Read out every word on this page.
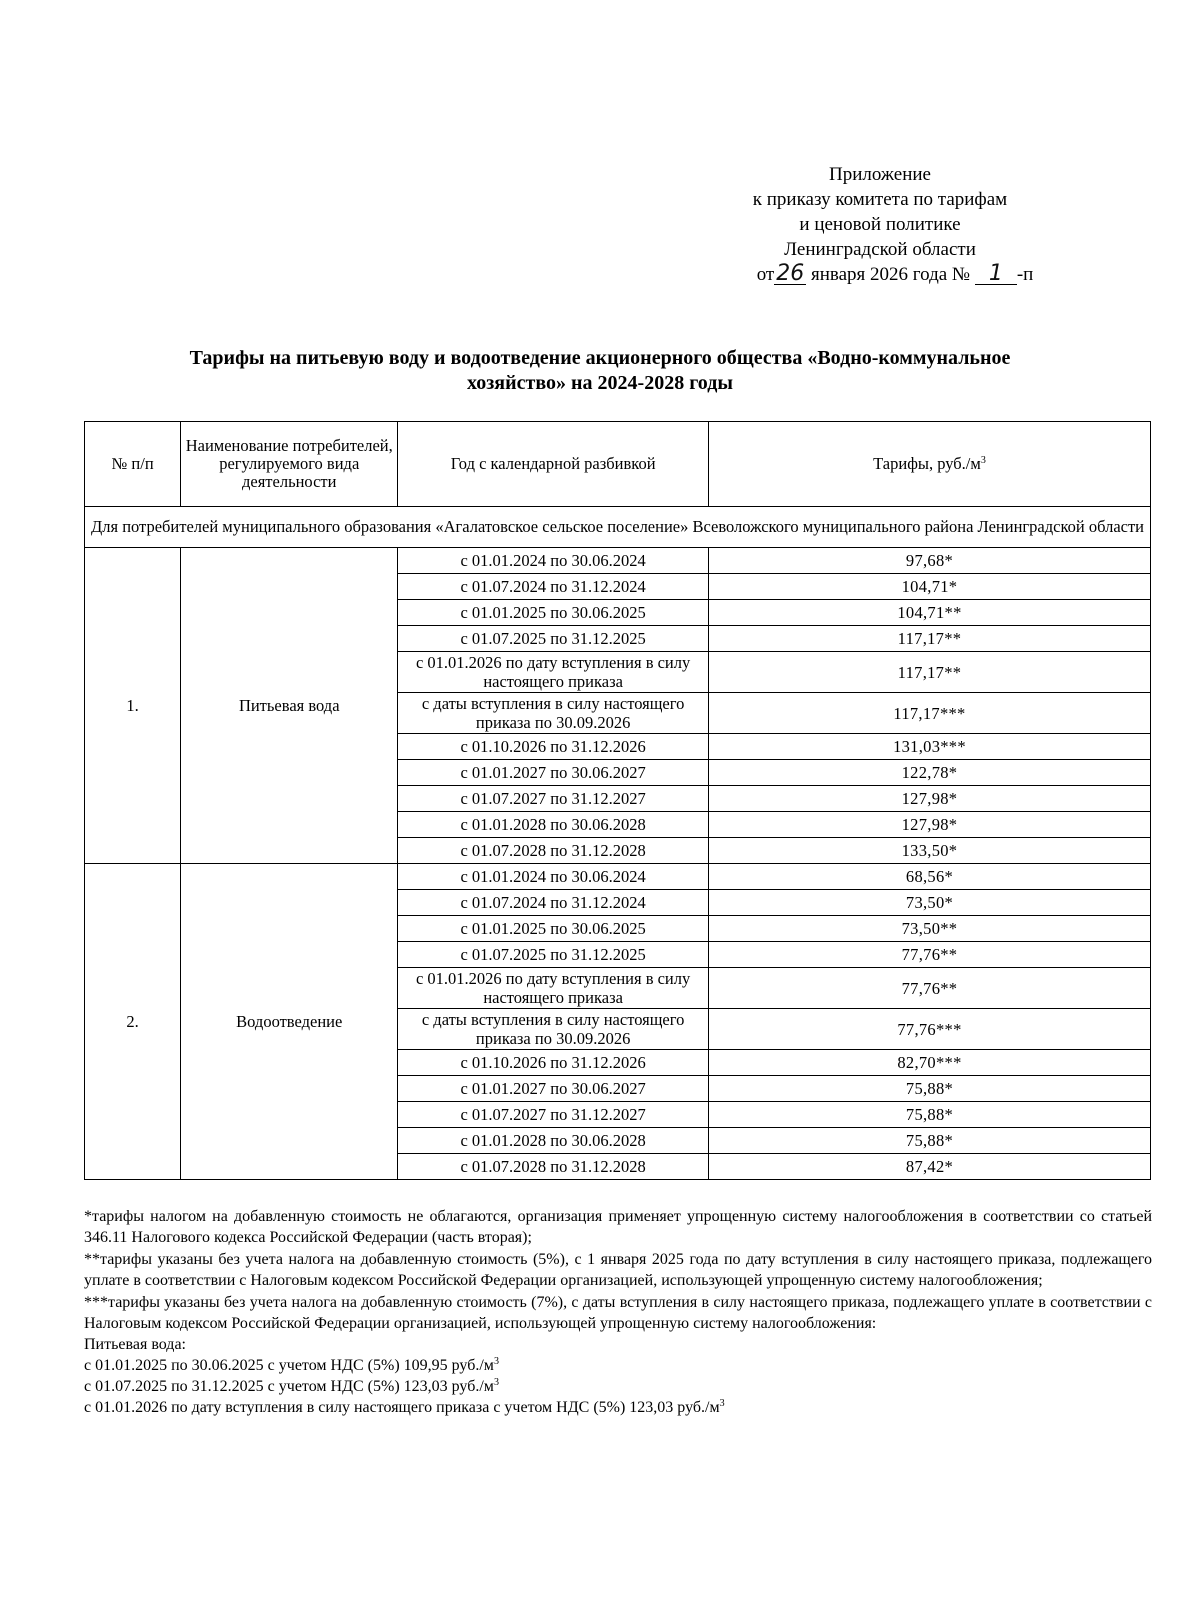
Приложение
к приказу комитета по тарифам
и ценовой политике
Ленинградской области
от26 января 2026 года № 1 -п
Тарифы на питьевую воду и водоотведение акционерного общества «Водно-коммунальное
хозяйство» на 2024-2028 годы
№ п/п	Наименование потребителей, регулируемого вида деятельности	Год с календарной разбивкой	Тарифы, $руб./м^3$
Для потребителей муниципального образования «Агалатовское сельское поселение» Всеволожского муниципального района Ленинградской области			
1.	Питьевая вода	с 01.01.2024 по 30.06.2024	97,68*
		с 01.07.2024 по 31.12.2024	104,71*
		с 01.01.2025 по 30.06.2025	104,71**
		с 01.07.2025 по 31.12.2025	117,17**
		с 01.01.2026 по дату вступления в силу настоящего приказа	117,17**
		с даты вступления в силу настоящего приказа по 30.09.2026	117,17***
		с 01.10.2026 по 31.12.2026	131,03***
		с 01.01.2027 по 30.06.2027	122,78*
		с 01.07.2027 по 31.12.2027	127,98*
		с 01.01.2028 по 30.06.2028	127,98*
		с 01.07.2028 по 31.12.2028	133,50*
2.	Водоотведение	с 01.01.2024 по 30.06.2024	68,56*
		с 01.07.2024 по 31.12.2024	73,50*
		с 01.01.2025 по 30.06.2025	73,50**
		с 01.07.2025 по 31.12.2025	77,76**
		с 01.01.2026 по дату вступления в силу настоящего приказа	77,76**
		с даты вступления в силу настоящего приказа по 30.09.2026	77,76***
		с 01.10.2026 по 31.12.2026	82,70***
		с 01.01.2027 по 30.06.2027	75,88*
		с 01.07.2027 по 31.12.2027	75,88*
		с 01.01.2028 по 30.06.2028	75,88*
		с 01.07.2028 по 31.12.2028	87,42*

*тарифы налогом на добавленную стоимость не облагаются, организация применяет упрощенную систему налогообложения в соответствии со статьей 346.11 Налогового кодекса Российской Федерации (часть вторая);

**тарифы указаны без учета налога на добавленную стоимость (5%), с 1 января 2025 года по дату вступления в силу настоящего приказа, подлежащего уплате в соответствии с Налоговым кодексом Российской Федерации организацией, использующей упрощенную систему налогообложения;

***тарифы указаны без учета налога на добавленную стоимость (7%), с даты вступления в силу настоящего приказа, подлежащего уплате в соответствии с Налоговым кодексом Российской Федерации организацией, использующей упрощенную систему налогообложения:

Питьевая вода:

с 01.01.2025 по 30.06.2025 с учетом НДС (5%) 109,95 $руб./м^3$

с 01.07.2025 по 31.12.2025 с учетом НДС (5%) 123,03 $руб./м^3$

с 01.01.2026 по дату вступления в силу настоящего приказа с учетом НДС (5%) 123,03 $руб./м^3$
